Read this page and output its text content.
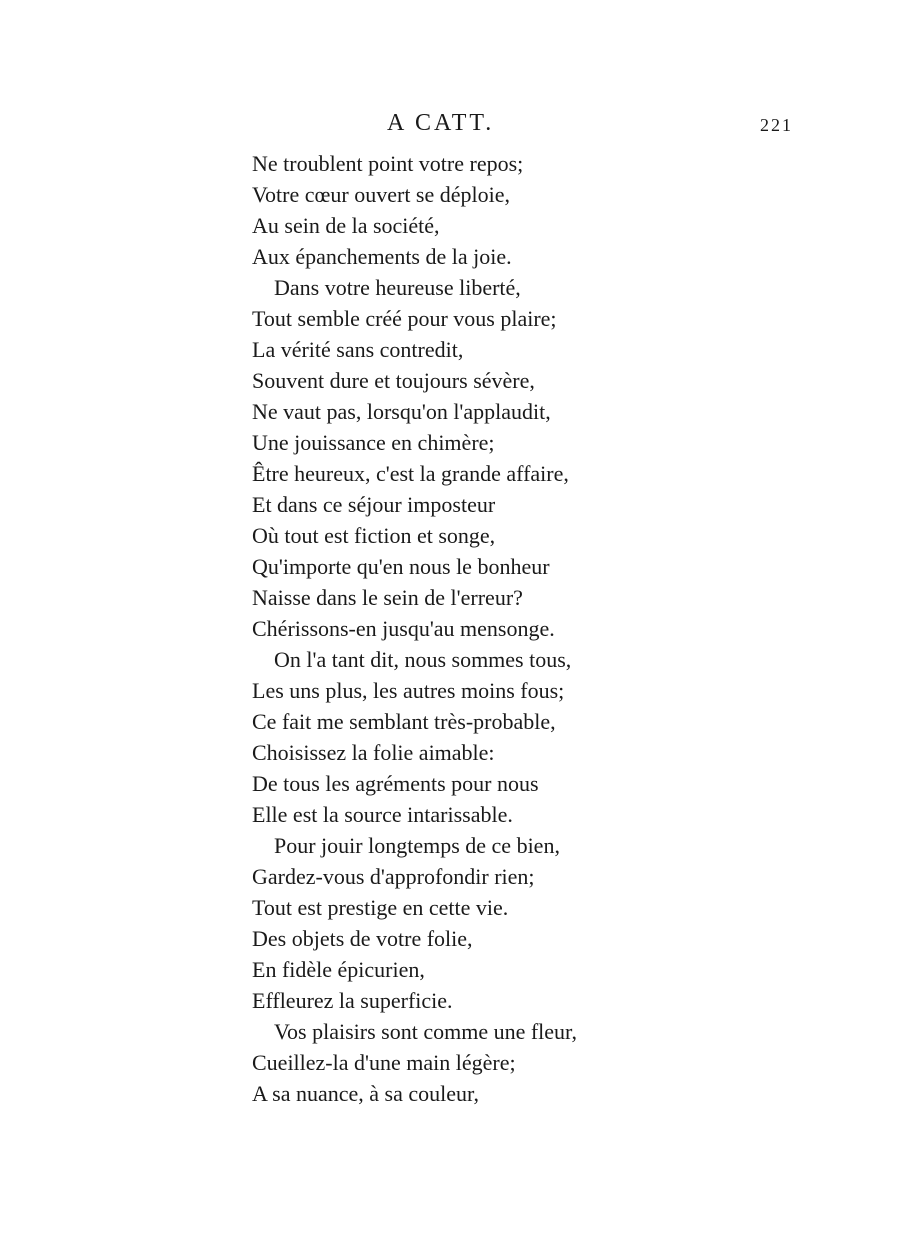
A CATT.	221
Ne troublent point votre repos;
Votre cœur ouvert se déploie,
Au sein de la société,
Aux épanchements de la joie.
Dans votre heureuse liberté,
Tout semble créé pour vous plaire;
La vérité sans contredit,
Souvent dure et toujours sévère,
Ne vaut pas, lorsqu'on l'applaudit,
Une jouissance en chimère;
Être heureux, c'est la grande affaire,
Et dans ce séjour imposteur
Où tout est fiction et songe,
Qu'importe qu'en nous le bonheur
Naisse dans le sein de l'erreur?
Chérissons-en jusqu'au mensonge.
On l'a tant dit, nous sommes tous,
Les uns plus, les autres moins fous;
Ce fait me semblant très-probable,
Choisissez la folie aimable:
De tous les agréments pour nous
Elle est la source intarissable.
Pour jouir longtemps de ce bien,
Gardez-vous d'approfondir rien;
Tout est prestige en cette vie.
Des objets de votre folie,
En fidèle épicurien,
Effleurez la superficie.
Vos plaisirs sont comme une fleur,
Cueillez-la d'une main légère;
A sa nuance, à sa couleur,
